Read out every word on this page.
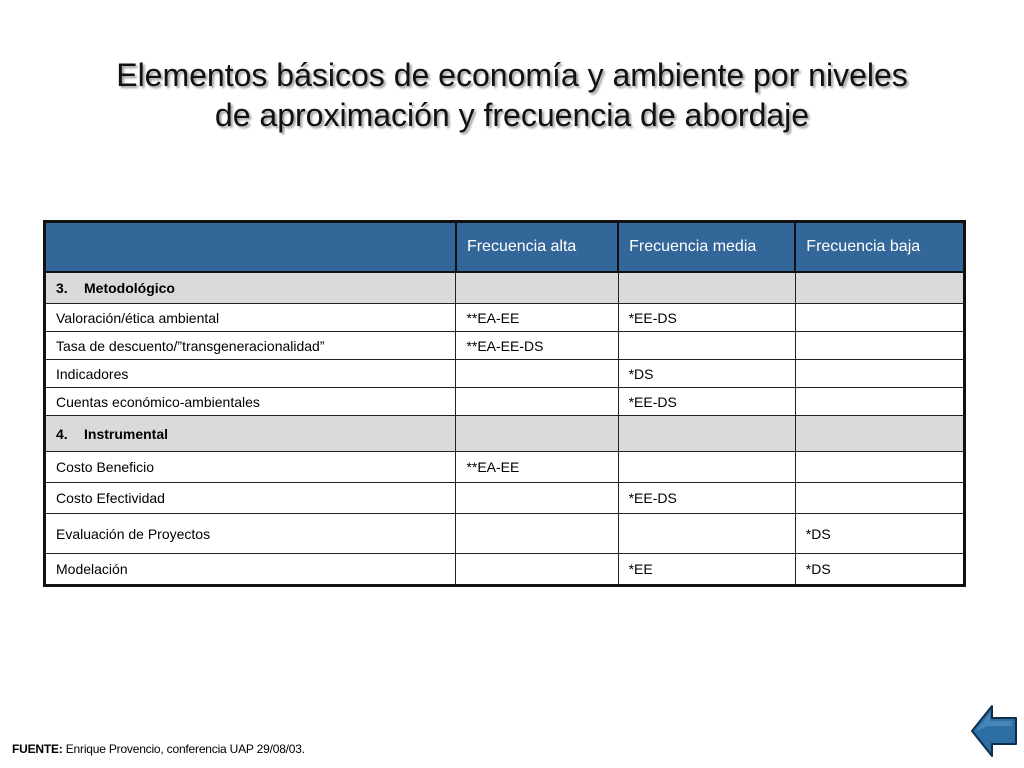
Elementos básicos de economía y ambiente por niveles
de aproximación y frecuencia de abordaje
	Frecuencia alta	Frecuencia media	Frecuencia baja
3. Metodológico			
Valoración/ética ambiental	**EA-EE	*EE-DS	
Tasa de descuento/”transgeneracionalidad”	**EA-EE-DS		
Indicadores		*DS	
Cuentas económico-ambientales		*EE-DS	
4. Instrumental			
Costo Beneficio	**EA-EE		
Costo Efectividad		*EE-DS	
Evaluación de Proyectos			*DS
Modelación		*EE	*DS
FUENTE: Enrique Provencio, conferencia UAP 29/08/03.
